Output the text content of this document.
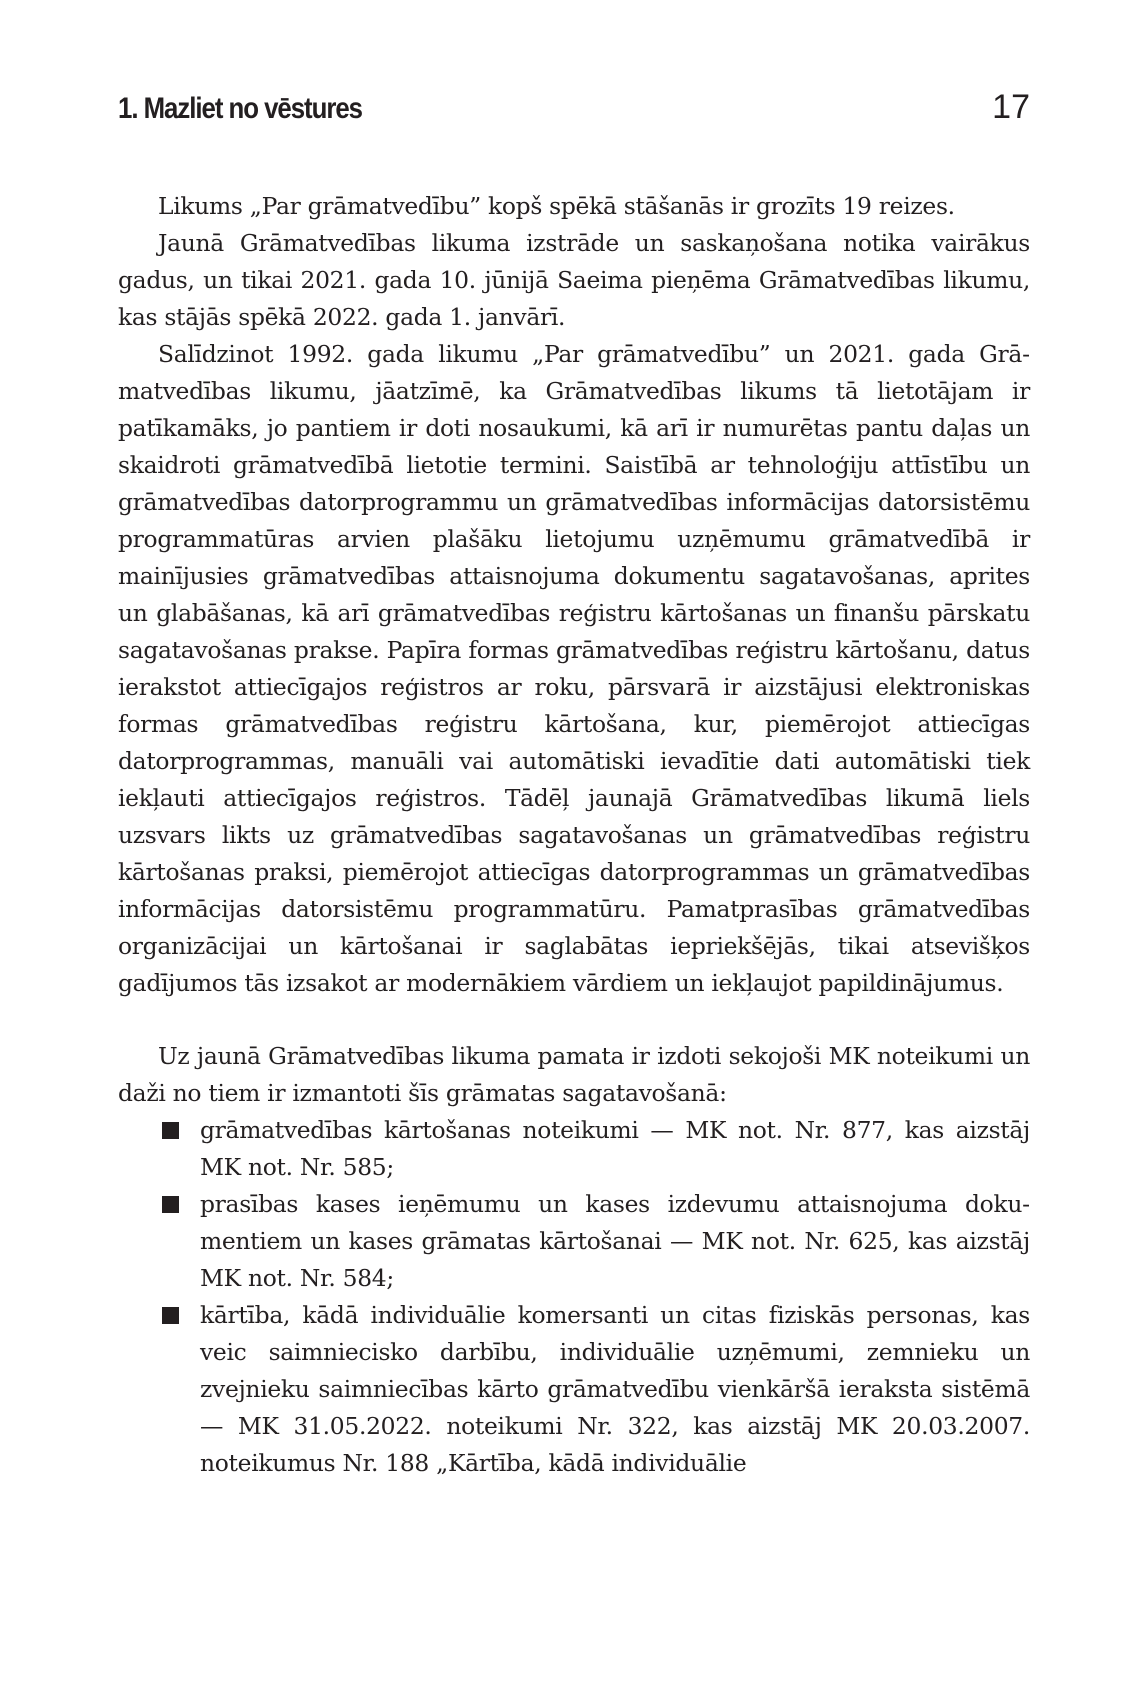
1. Mazliet no vēstures	17

Likums „Par grāmatvedību” kopš spēkā stāšanās ir grozīts 19 reizes.

Jaunā Grāmatvedības likuma izstrāde un saskaņošana notika vairākus gadus, un tikai 2021. gada 10. jūnijā Saeima pieņēma Grāmatvedības likumu, kas stājās spēkā 2022. gada 1. janvārī.

Salīdzinot 1992. gada likumu „Par grāmatvedību” un 2021. gada Grāmatvedības likumu, jāatzīmē, ka Grāmatvedības likums tā lietotājam ir patīkamāks, jo pantiem ir doti nosaukumi, kā arī ir numurētas pantu daļas un skaidroti grāmatvedībā lietotie termini. Saistībā ar tehnoloģiju attīstību un grāmatvedības datorprogrammu un grāmatvedības informācijas datorsistēmu programmatūras arvien plašāku lietojumu uzņēmumu grāmatvedībā ir mainījusies grāmatvedības attaisnojuma dokumentu sagatavošanas, aprites un glabāšanas, kā arī grāmatvedības reģistru kārtošanas un finanšu pārskatu sagatavošanas prakse. Papīra formas grāmatvedības reģistru kārtošanu, datus ierakstot attiecīgajos reģistros ar roku, pārsvarā ir aizstājusi elektroniskas formas grāmatvedības reģistru kārtošana, kur, piemērojot attiecīgas datorprogrammas, manuāli vai automātiski ievadītie dati automātiski tiek iekļauti attiecīgajos reģistros. Tādēļ jaunajā Grāmatvedības likumā liels uzsvars likts uz grāmatvedības sagatavošanas un grāmatvedības reģistru kārtošanas praksi, piemērojot attiecīgas datorprogrammas un grāmatvedības informācijas datorsistēmu programmatūru. Pamatprasības grāmatvedības organizācijai un kārtošanai ir saglabātas iepriekšējās, tikai atsevišķos gadījumos tās izsakot ar modernākiem vārdiem un iekļaujot papildinājumus.

Uz jaunā Grāmatvedības likuma pamata ir izdoti sekojoši MK noteikumi un daži no tiem ir izmantoti šīs grāmatas sagatavošanā:

grāmatvedības kārtošanas noteikumi — MK not. Nr. 877, kas aizstāj MK not. Nr. 585;
prasības kases ieņēmumu un kases izdevumu attaisnojuma dokumentiem un kases grāmatas kārtošanai — MK not. Nr. 625, kas aizstāj MK not. Nr. 584;
kārtība, kādā individuālie komersanti un citas fiziskās personas, kas veic saimniecisko darbību, individuālie uzņēmumi, zemnieku un zvejnieku saimniecības kārto grāmatvedību vienkāršā ieraksta sistēmā — MK 31.05.2022. noteikumi Nr. 322, kas aizstāj MK 20.03.2007. noteikumus Nr. 188 „Kārtība, kādā individuālie
